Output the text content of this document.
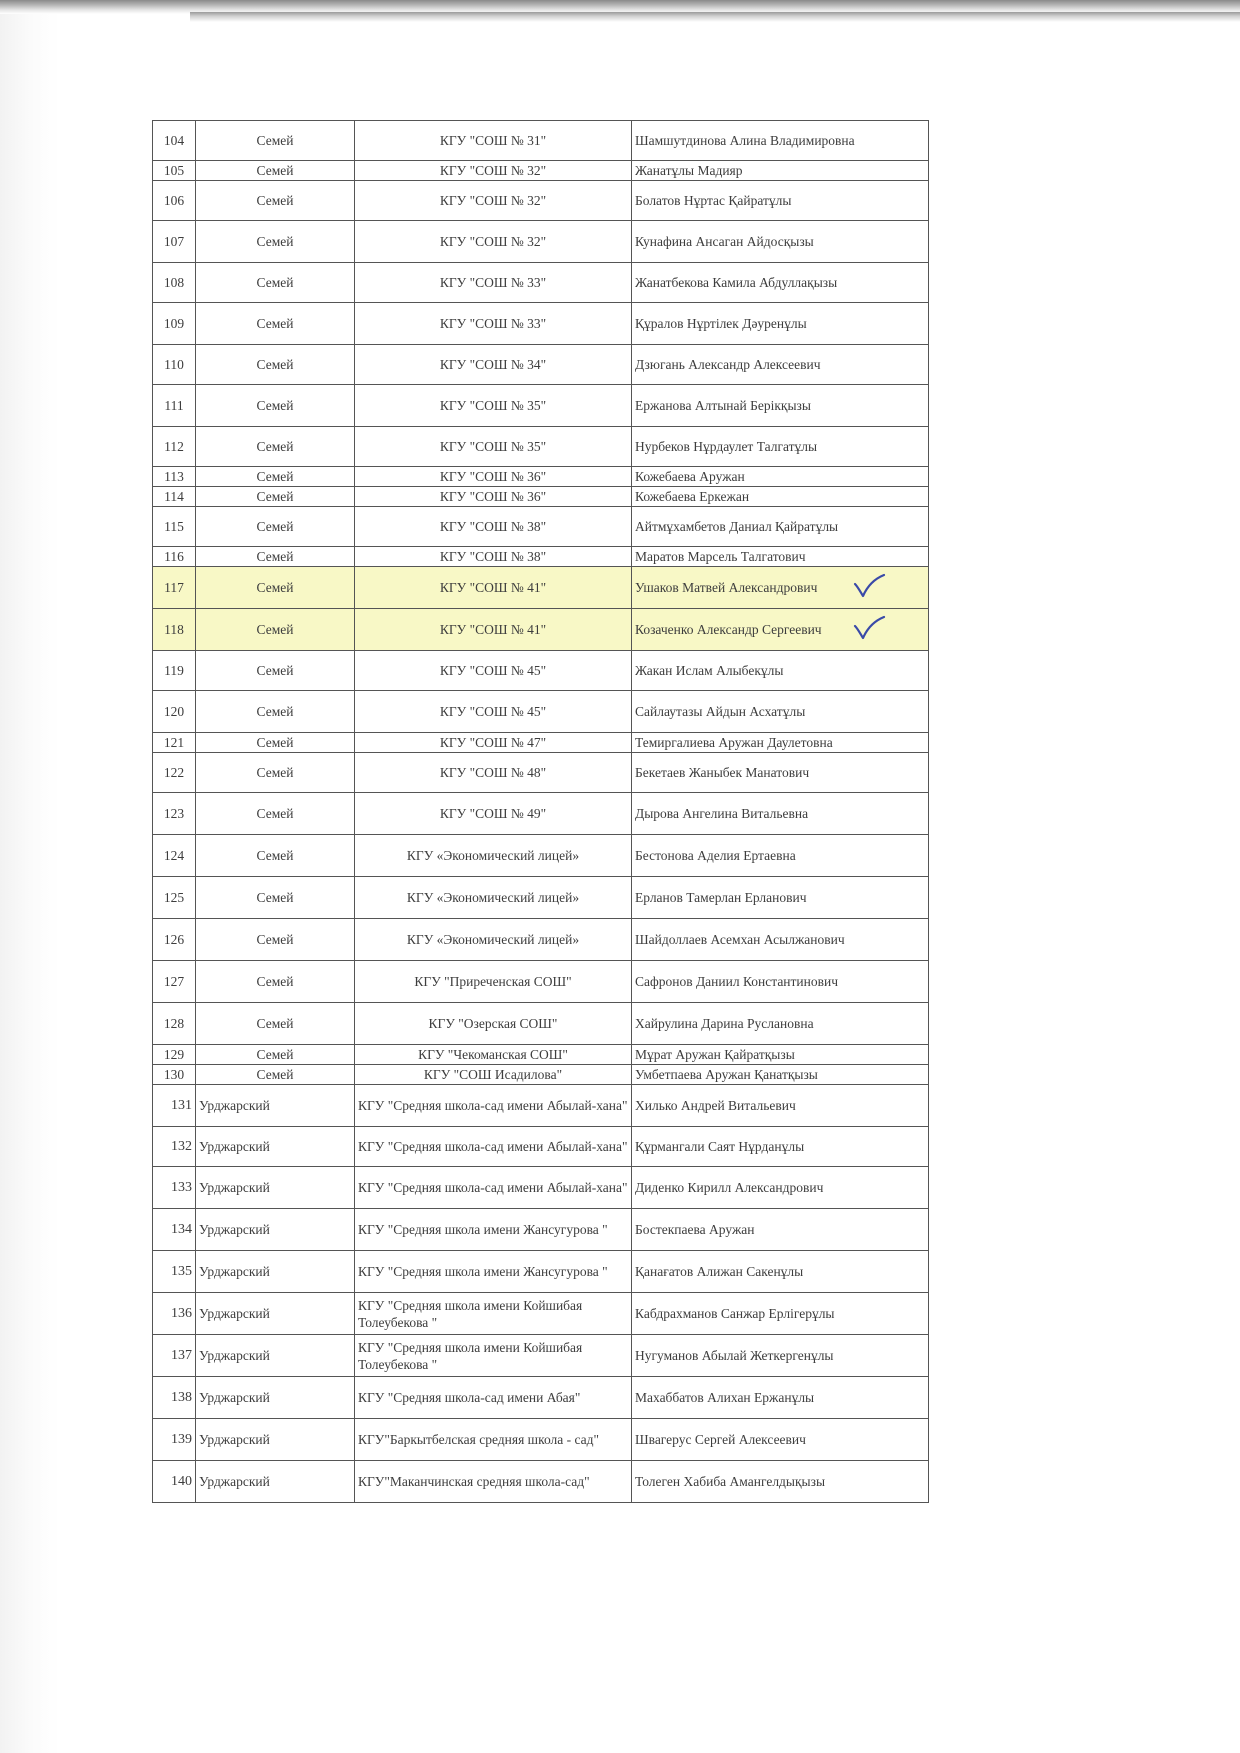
104	Семей	КГУ "СОШ № 31"	Шамшутдинова Алина Владимировна
105	Семей	КГУ "СОШ № 32"	Жанатұлы Мадияр
106	Семей	КГУ "СОШ № 32"	Болатов Нұртас Қайратұлы
107	Семей	КГУ "СОШ № 32"	Кунафина Ансаган Айдосқызы
108	Семей	КГУ "СОШ № 33"	Жанатбекова Камила Абдуллақызы
109	Семей	КГУ "СОШ № 33"	Құралов Нұртілек Дәуренұлы
110	Семей	КГУ "СОШ № 34"	Дзюгань Александр Алексеевич
111	Семей	КГУ "СОШ № 35"	Ержанова Алтынай Берікқызы
112	Семей	КГУ "СОШ № 35"	Нурбеков Нұрдаулет Талгатұлы
113	Семей	КГУ "СОШ № 36"	Кожебаева Аружан
114	Семей	КГУ "СОШ № 36"	Кожебаева Еркежан
115	Семей	КГУ "СОШ № 38"	Айтмұхамбетов Даниал Қайратұлы
116	Семей	КГУ "СОШ № 38"	Маратов Марсель Талгатович
117	Семей	КГУ "СОШ № 41"	Ушаков Матвей Александрович

118	Семей	КГУ "СОШ № 41"	Козаченко Александр Сергеевич

119	Семей	КГУ "СОШ № 45"	Жакан Ислам Алыбекұлы
120	Семей	КГУ "СОШ № 45"	Сайлаутазы Айдын Асхатұлы
121	Семей	КГУ "СОШ № 47"	Темиргалиева Аружан Даулетовна
122	Семей	КГУ "СОШ № 48"	Бекетаев Жаныбек Манатович
123	Семей	КГУ "СОШ № 49"	Дырова Ангелина Витальевна
124	Семей	КГУ «Экономический лицей»	Бестонова Аделия Ертаевна
125	Семей	КГУ «Экономический лицей»	Ерланов Тамерлан Ерланович
126	Семей	КГУ «Экономический лицей»	Шайдоллаев Асемхан Асылжанович
127	Семей	КГУ "Приреченская СОШ"	Сафронов Даниил Константинович
128	Семей	КГУ "Озерская СОШ"	Хайрулина Дарина Руслановна
129	Семей	КГУ "Чекоманская СОШ"	Мұрат Аружан Қайратқызы
130	Семей	КГУ "СОШ Исадилова"	Умбетпаева Аружан Қанатқызы
131	Урджарский	КГУ "Средняя школа-сад имени Абылай-хана"	Хилько Андрей Витальевич
132	Урджарский	КГУ "Средняя школа-сад имени Абылай-хана"	Құрмангали Саят Нұрданұлы
133	Урджарский	КГУ "Средняя школа-сад имени Абылай-хана"	Диденко Кирилл Александрович
134	Урджарский	КГУ "Средняя школа имени Жансугурова "	Бостекпаева Аружан
135	Урджарский	КГУ "Средняя школа имени Жансугурова "	Қанағатов Алижан Сакенұлы
136	Урджарский	КГУ "Средняя школа имени Койшибая Толеубекова "	Кабдрахманов Санжар Ерлігерұлы
137	Урджарский	КГУ "Средняя школа имени Койшибая Толеубекова "	Нугуманов Абылай Жеткергенұлы
138	Урджарский	КГУ "Средняя школа-сад имени Абая"	Махаббатов Алихан Ержанұлы
139	Урджарский	КГУ"Баркытбелская средняя школа - сад"	Швагерус Сергей Алексеевич
140	Урджарский	КГУ"Маканчинская средняя школа-сад"	Толеген Хабиба Амангелдықызы
